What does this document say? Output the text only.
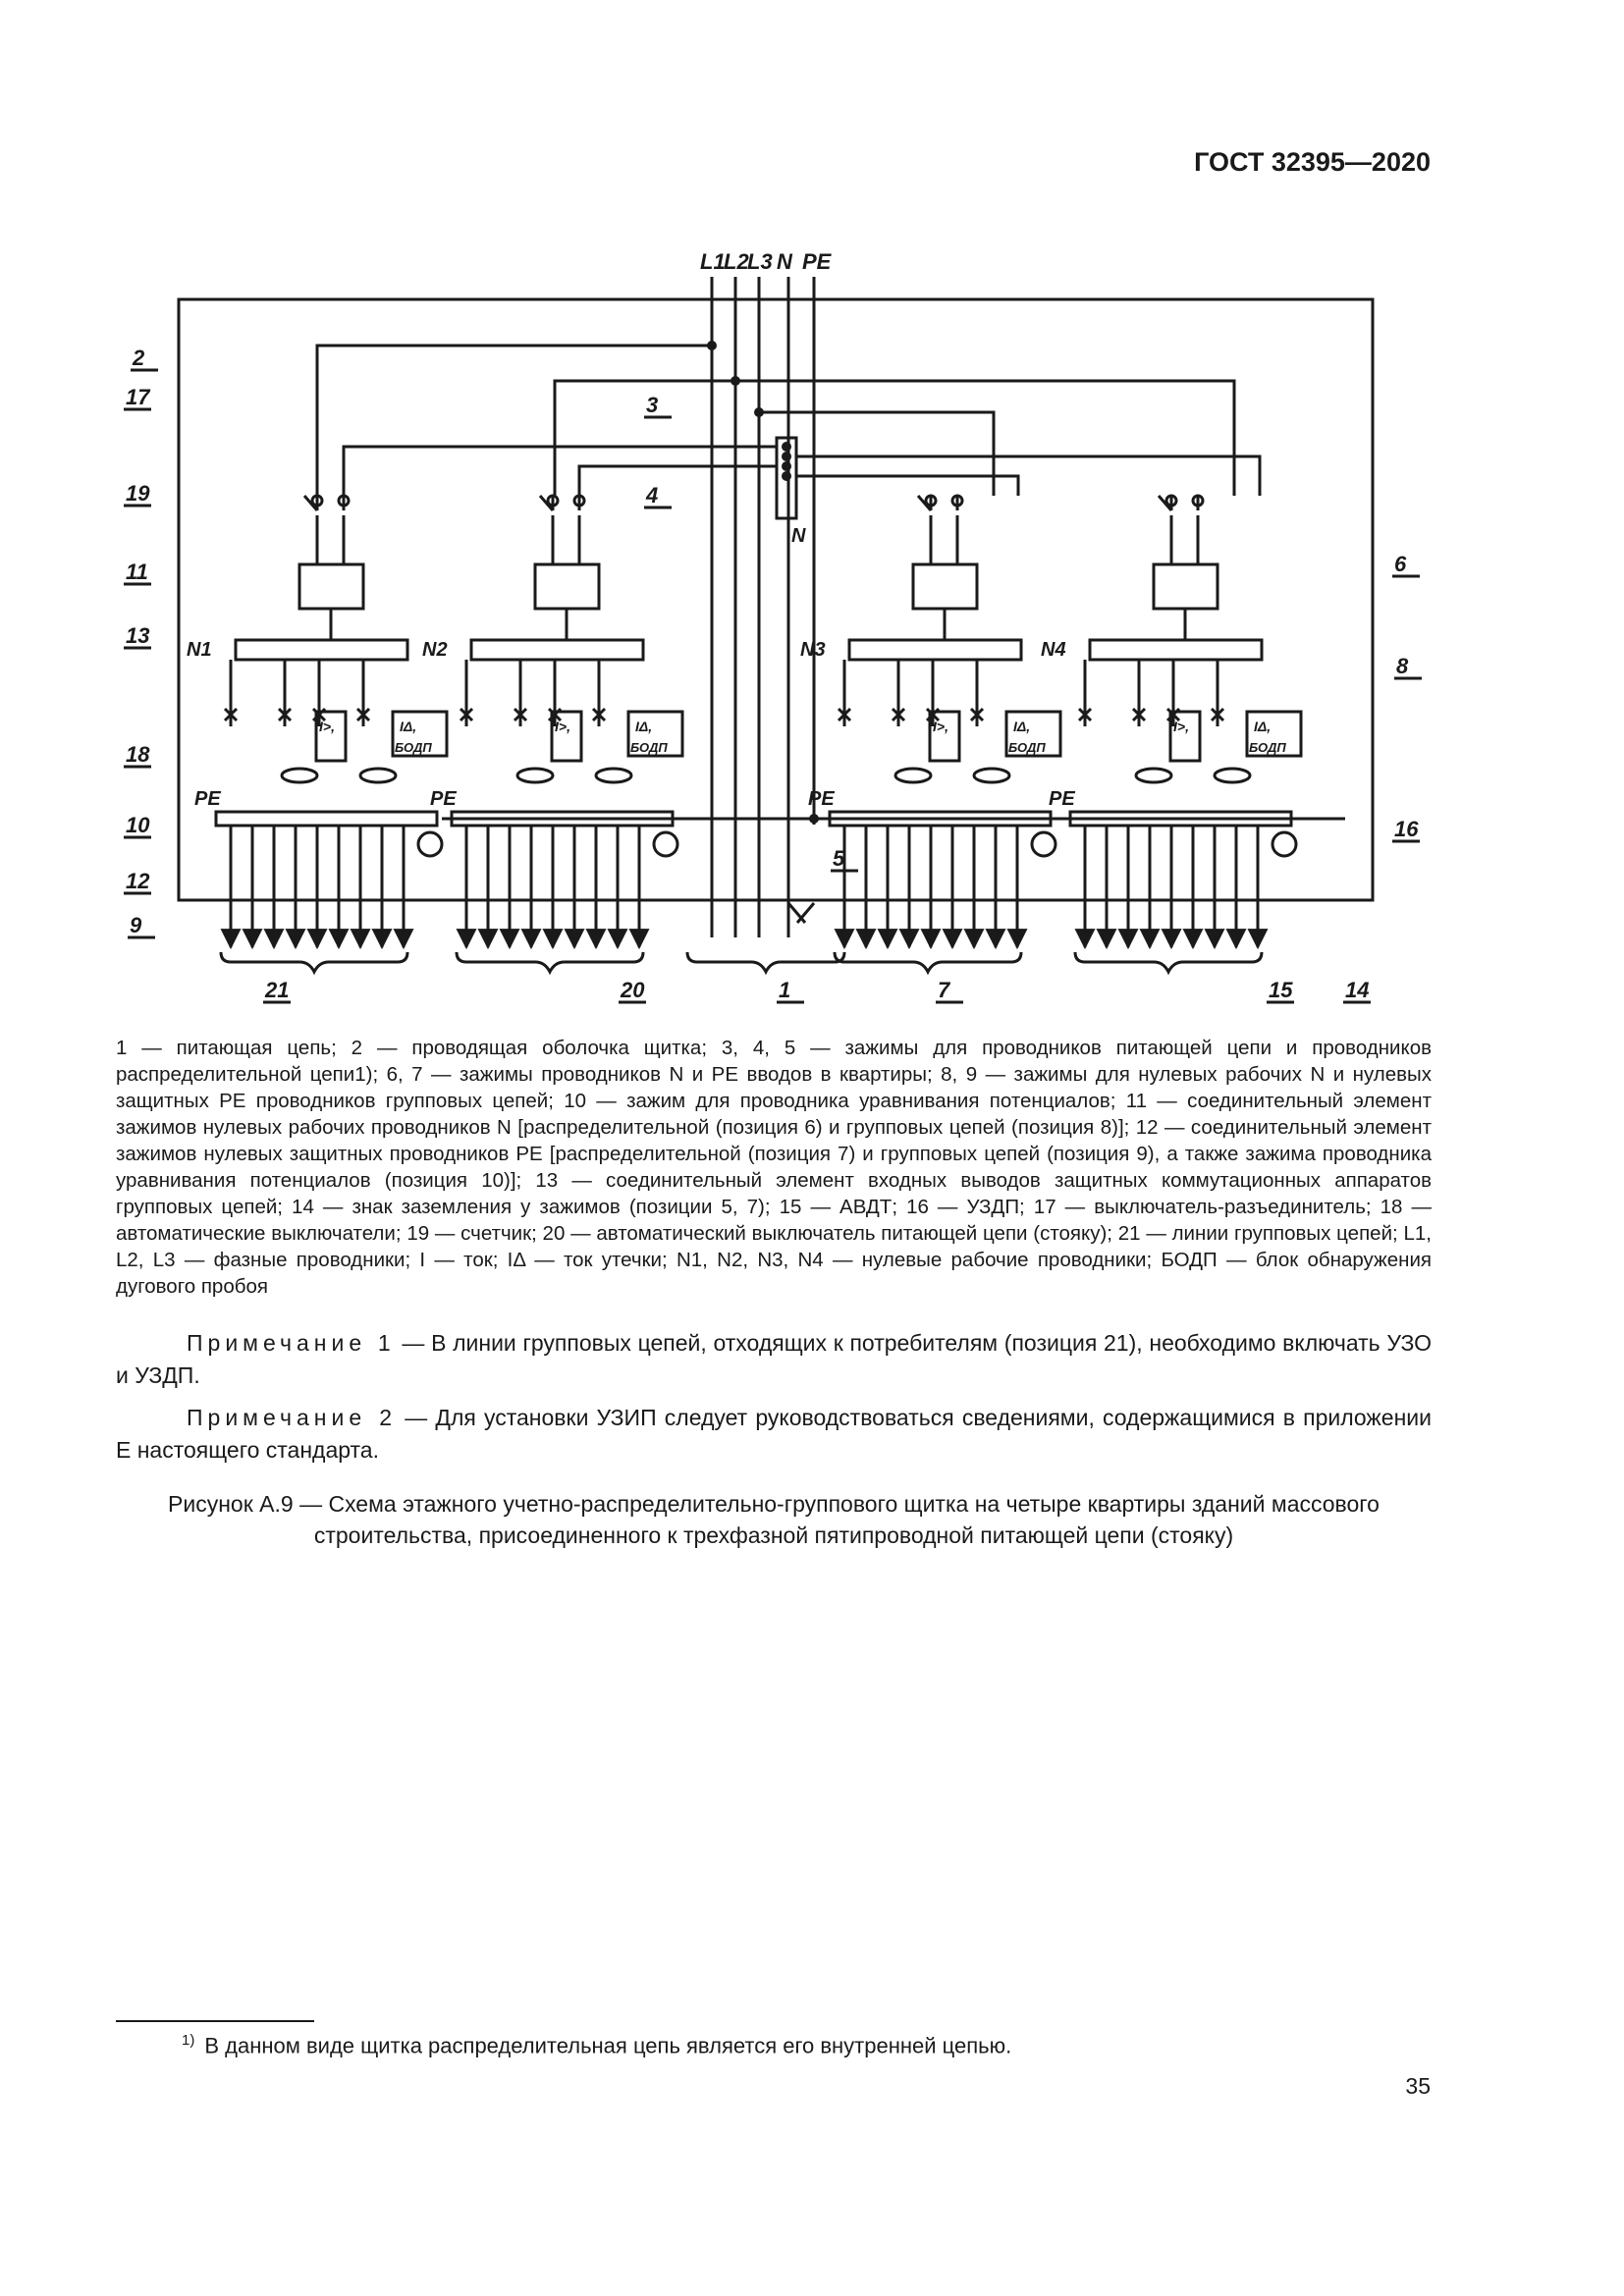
ГОСТ 32395—2020
I>,	IΔ,
БОДП
I>,	IΔ,
БОДП
I>,	IΔ,
БОДП
I>,	IΔ,
БОДП
L1
L2
L3 N PE
N
N1
PE
N2
PE
N3
PE
N4
PE
2
17
19
11
13
18
10
12
9
3
4
6
8
16
5
7	15 14
21	20	1
1 — питающая цепь; 2 — проводящая оболочка щитка; 3, 4, 5 — зажимы для проводников питающей цепи и проводников распределительной цепи1); 6, 7 — зажимы проводников N и PE вводов в квартиры; 8, 9 — зажимы для нулевых рабочих N и нулевых защитных PE проводников групповых цепей; 10 — зажим для проводника уравнивания потенциалов; 11 — соединительный элемент зажимов нулевых рабочих проводников N [распределительной (позиция 6) и групповых цепей (позиция 8)]; 12 — соединительный элемент зажимов нулевых защитных проводников PE [распределительной (позиция 7) и групповых цепей (позиция 9), а также зажима проводника уравнивания потенциалов (позиция 10)]; 13 — соединительный элемент входных выводов защитных коммутационных аппаратов групповых цепей; 14 — знак заземления у зажимов (позиции 5, 7); 15 — АВДТ; 16 — УЗДП; 17 — выключатель-разъединитель; 18 — автоматические выключатели; 19 — счетчик; 20 — автоматический выключатель питающей цепи (стояку); 21 — линии групповых цепей; L1, L2, L3 — фазные проводники; I — ток; IΔ — ток утечки; N1, N2, N3, N4 — нулевые рабочие проводники; БОДП — блок обнаружения дугового пробоя
Примечание 1 — В линии групповых цепей, отходящих к потребителям (позиция 21), необходимо включать УЗО и УЗДП.
Примечание 2 — Для установки УЗИП следует руководствоваться сведениями, содержащимися в приложении Е настоящего стандарта.
Рисунок А.9 — Схема этажного учетно-распределительно-группового щитка на четыре квартиры зданий массового строительства, присоединенного к трехфазной пятипроводной питающей цепи (стояку)
$^{1)}$ В данном виде щитка распределительная цепь является его внутренней цепью.
35
